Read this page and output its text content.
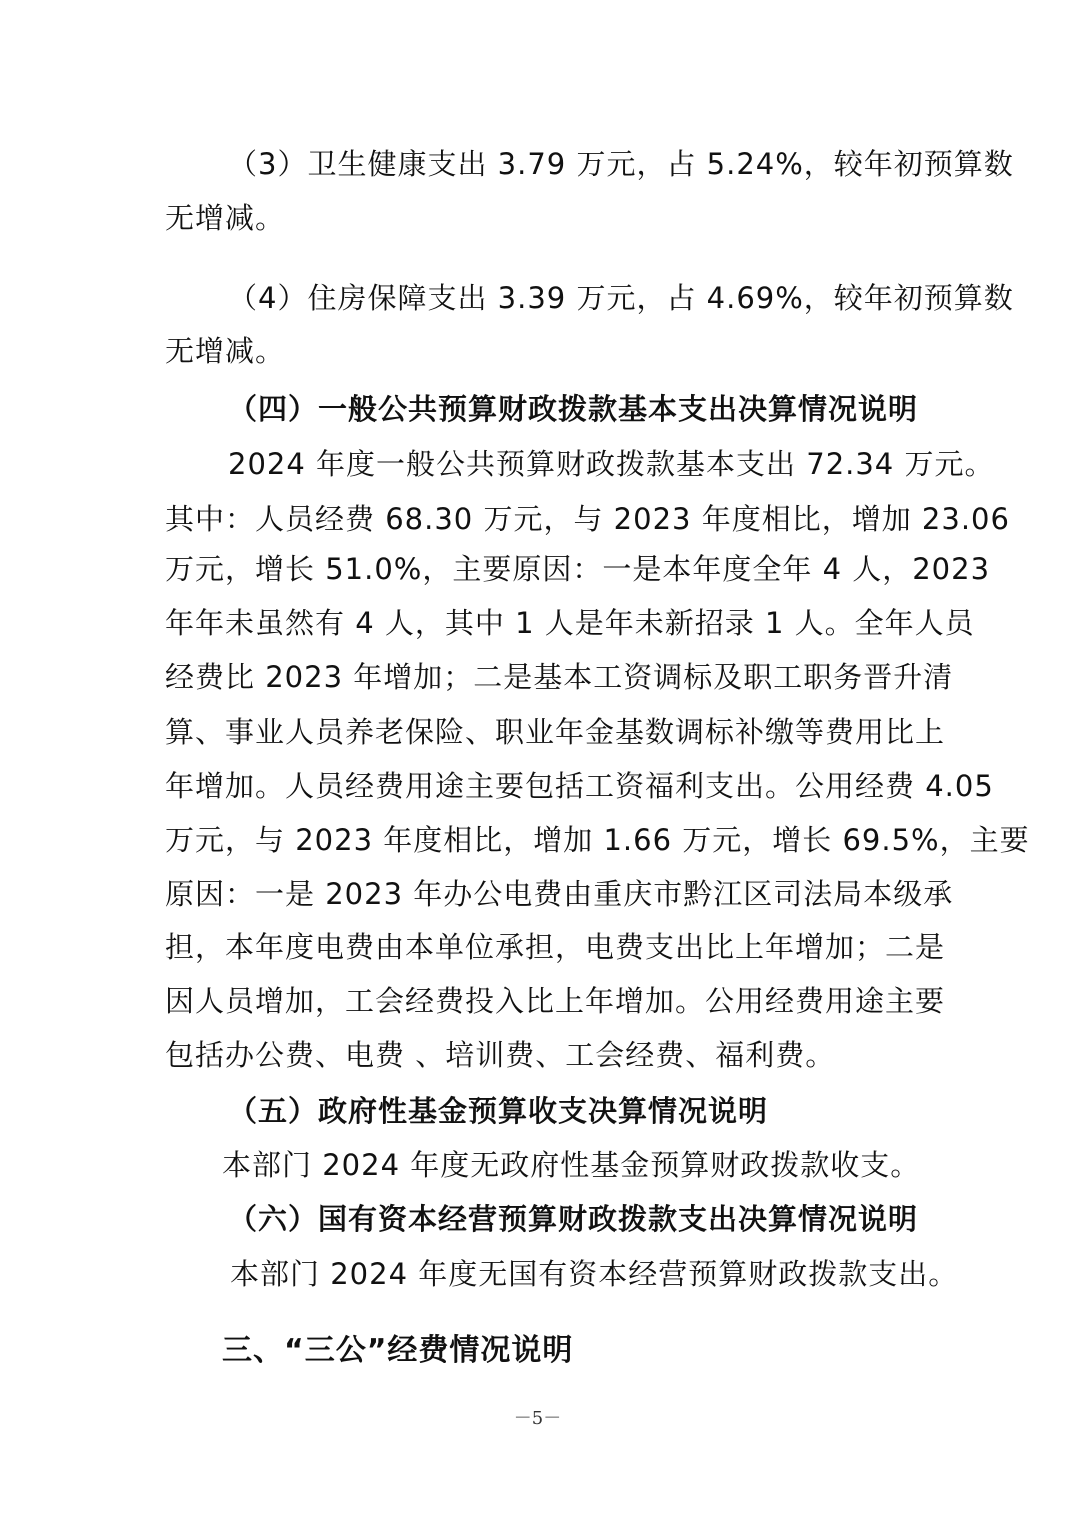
（3）卫生健康支出 3.79 万元，占 5.24%，较年初预算数
无增减。
（4）住房保障支出 3.39 万元，占 4.69%，较年初预算数
无增减。
（四）一般公共预算财政拨款基本支出决算情况说明
2024 年度一般公共预算财政拨款基本支出 72.34 万元。
其中：人员经费 68.30 万元，与 2023 年度相比，增加 23.06
万元，增长 51.0%，主要原因：一是本年度全年 4 人，2023
年年未虽然有 4 人，其中 1 人是年未新招录 1 人。全年人员
经费比 2023 年增加；二是基本工资调标及职工职务晋升清
算、事业人员养老保险、职业年金基数调标补缴等费用比上
年增加。人员经费用途主要包括工资福利支出。公用经费 4.05
万元，与 2023 年度相比，增加 1.66 万元，增长 69.5%，主要
原因：一是 2023 年办公电费由重庆市黔江区司法局本级承
担，本年度电费由本单位承担，电费支出比上年增加；二是
因人员增加，工会经费投入比上年增加。公用经费用途主要
包括办公费、电费 、培训费、工会经费、福利费。
（五）政府性基金预算收支决算情况说明
本部门 2024 年度无政府性基金预算财政拨款收支。
（六）国有资本经营预算财政拨款支出决算情况说明
本部门 2024 年度无国有资本经营预算财政拨款支出。
三、“三公”经费情况说明
－5－
